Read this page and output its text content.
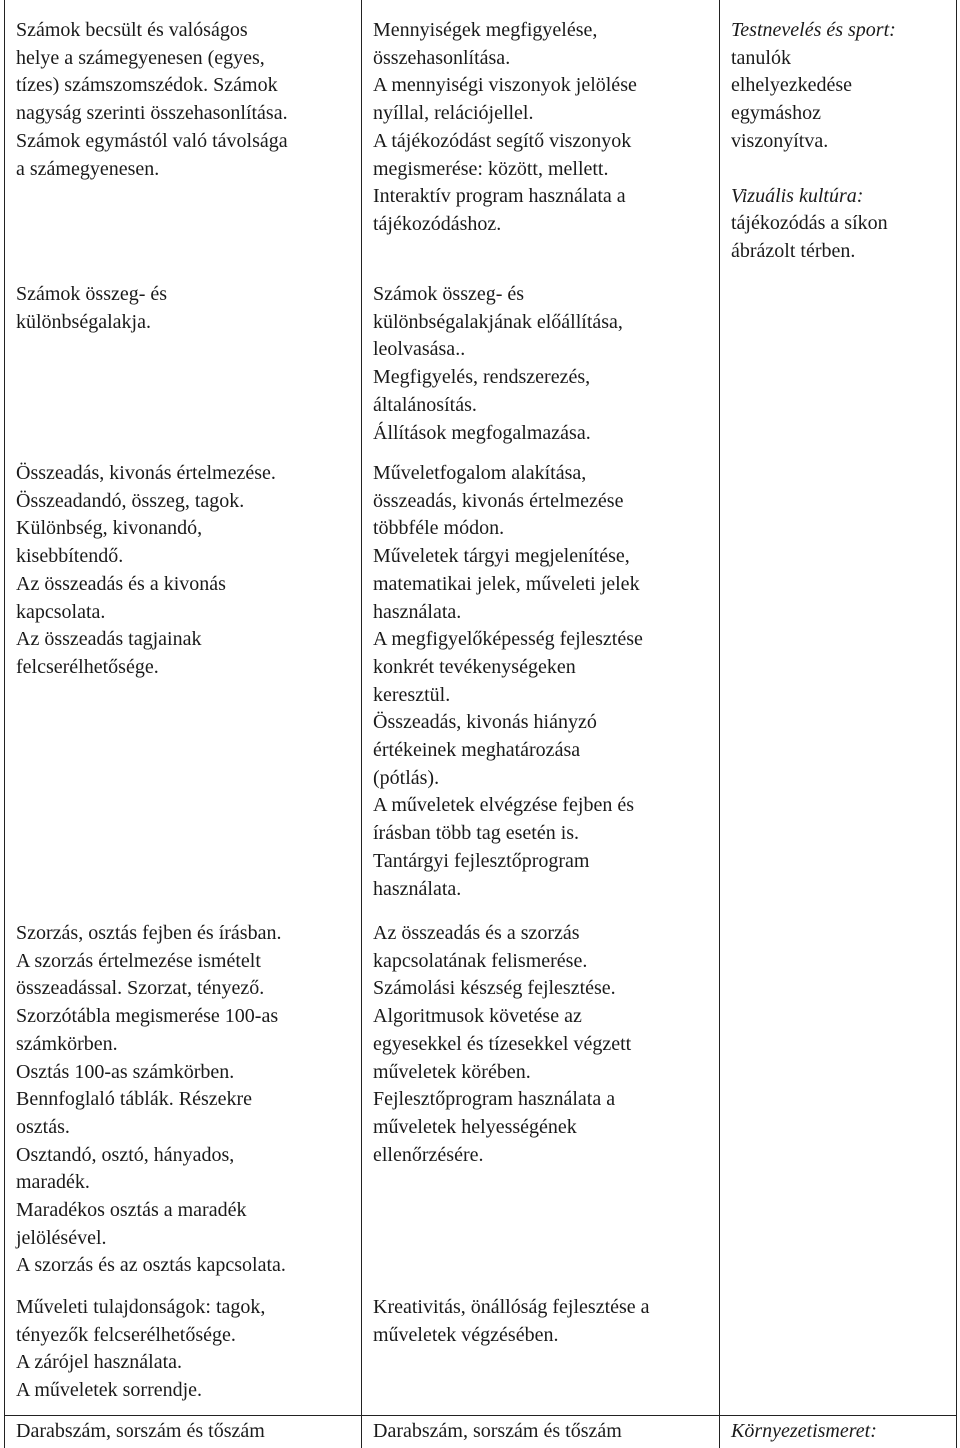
Számok becsült és valóságos
helye a számegyenesen (egyes,
tízes) számszomszédok. Számok
nagyság szerinti összehasonlítása.
Számok egymástól való távolsága
a számegyenesen.
Mennyiségek megfigyelése,
összehasonlítása.
A mennyiségi viszonyok jelölése
nyíllal, relációjellel.
A tájékozódást segítő viszonyok
megismerése: között, mellett.
Interaktív program használata a
tájékozódáshoz.
Testnevelés és sport:
tanulók
elhelyezkedése
egymáshoz
viszonyítva.
Vizuális kultúra:
tájékozódás a síkon
ábrázolt térben.
Számok összeg- és
különbségalakja.
Számok összeg- és
különbségalakjának előállítása,
leolvasása..
Megfigyelés, rendszerezés,
általánosítás.
Állítások megfogalmazása.
Összeadás, kivonás értelmezése.
Összeadandó, összeg, tagok.
Különbség, kivonandó,
kisebbítendő.
Az összeadás és a kivonás
kapcsolata.
Az összeadás tagjainak
felcserélhetősége.
Műveletfogalom alakítása,
összeadás, kivonás értelmezése
többféle módon.
Műveletek tárgyi megjelenítése,
matematikai jelek, műveleti jelek
használata.
A megfigyelőképesség fejlesztése
konkrét tevékenységeken
keresztül.
Összeadás, kivonás hiányzó
értékeinek meghatározása
(pótlás).
A műveletek elvégzése fejben és
írásban több tag esetén is.
Tantárgyi fejlesztőprogram
használata.
Szorzás, osztás fejben és írásban.
A szorzás értelmezése ismételt
összeadással. Szorzat, tényező.
Szorzótábla megismerése 100-as
számkörben.
Osztás 100-as számkörben.
Bennfoglaló táblák. Részekre
osztás.
Osztandó, osztó, hányados,
maradék.
Maradékos osztás a maradék
jelölésével.
A szorzás és az osztás kapcsolata.
Az összeadás és a szorzás
kapcsolatának felismerése.
Számolási készség fejlesztése.
Algoritmusok követése az
egyesekkel és tízesekkel végzett
műveletek körében.
Fejlesztőprogram használata a
műveletek helyességének
ellenőrzésére.
Műveleti tulajdonságok: tagok,
tényezők felcserélhetősége.
A zárójel használata.
A műveletek sorrendje.
Kreativitás, önállóság fejlesztése a
műveletek végzésében.
Darabszám, sorszám és tőszám	Darabszám, sorszám és tőszám	Környezetismeret:
